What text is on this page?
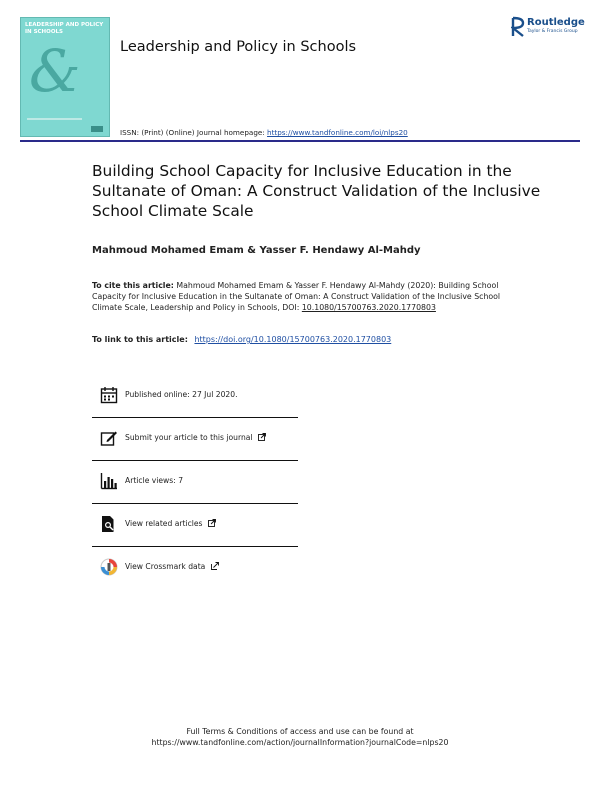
LEADERSHIP AND POLICY IN SCHOOLS
&	Leadership and Policy in Schools
Routledge
Taylor & Francis Group
ISSN: (Print) (Online) Journal homepage: https://www.tandfonline.com/loi/nlps20
Building School Capacity for Inclusive Education in the Sultanate of Oman: A Construct Validation of the Inclusive School Climate Scale
Mahmoud Mohamed Emam & Yasser F. Hendawy Al-Mahdy
To cite this article: Mahmoud Mohamed Emam & Yasser F. Hendawy Al-Mahdy (2020): Building School Capacity for Inclusive Education in the Sultanate of Oman: A Construct Validation of the Inclusive School Climate Scale, Leadership and Policy in Schools, DOI: 10.1080/15700763.2020.1770803
To link to this article: https://doi.org/10.1080/15700763.2020.1770803
Published online: 27 Jul 2020.
Submit your article to this journal
Article views: 7
View related articles
View Crossmark data
Full Terms & Conditions of access and use can be found at
https://www.tandfonline.com/action/journalInformation?journalCode=nlps20
